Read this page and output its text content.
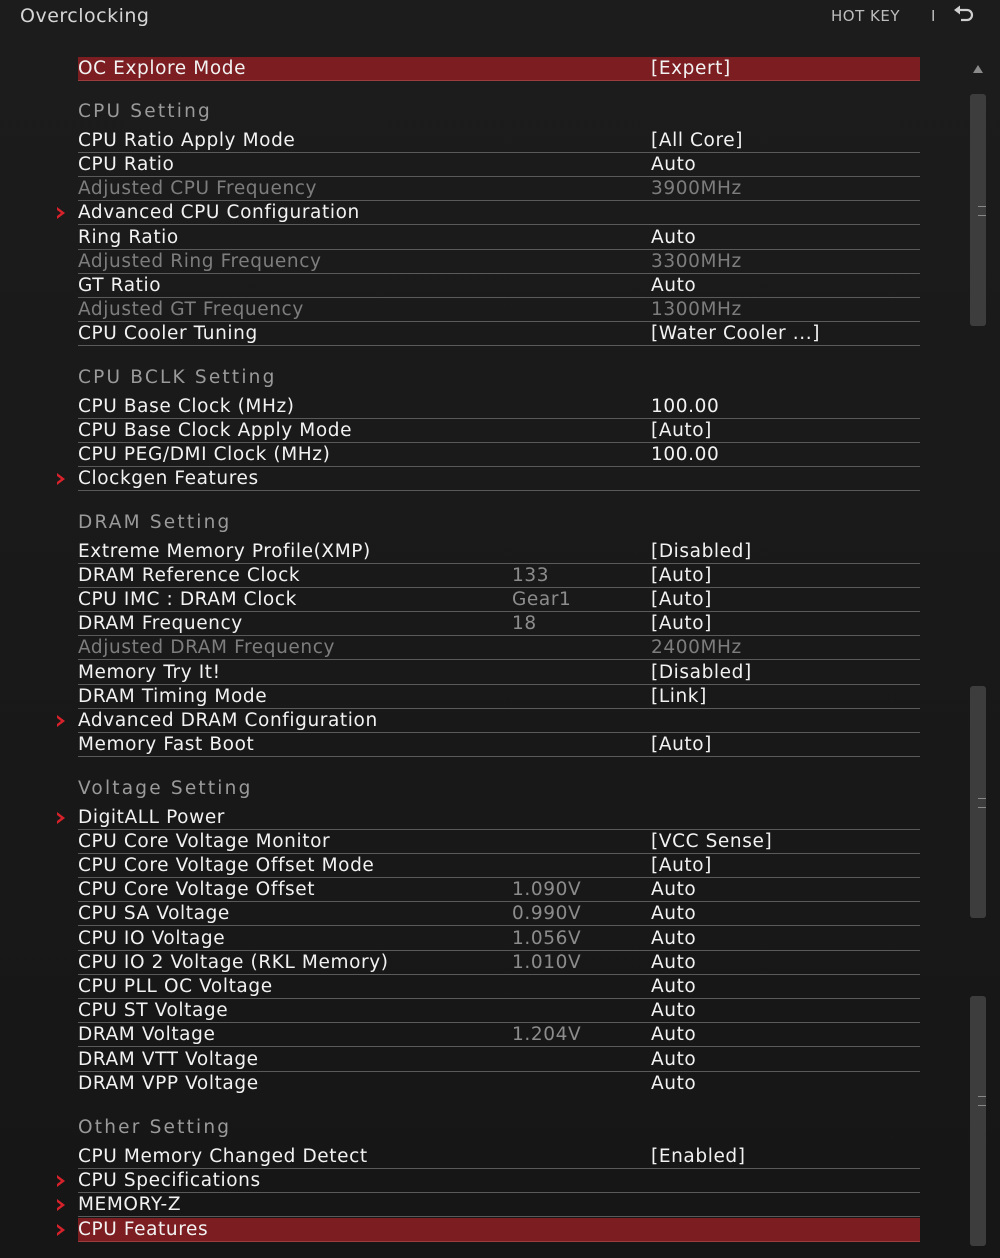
Overclocking	HOT KEY I
CPU Setting
CPU BCLK Setting
DRAM Setting
Voltage Setting
Other Setting
OC Explore Mode	[Expert]
CPU Ratio Apply Mode	[All Core]
CPU Ratio	Auto
Adjusted CPU Frequency	3900MHz
Advanced CPU Configuration
Ring Ratio	Auto
Adjusted Ring Frequency	3300MHz
GT Ratio	Auto
Adjusted GT Frequency	1300MHz
CPU Cooler Tuning	[Water Cooler ...]
CPU Base Clock (MHz)	100.00
CPU Base Clock Apply Mode	[Auto]
CPU PEG/DMI Clock (MHz)	100.00
Clockgen Features
Extreme Memory Profile(XMP)	[Disabled]
DRAM Reference Clock	133	[Auto]
CPU IMC : DRAM Clock	Gear1	[Auto]
DRAM Frequency	18	[Auto]
Adjusted DRAM Frequency	2400MHz
Memory Try It!	[Disabled]
DRAM Timing Mode	[Link]
Advanced DRAM Configuration
Memory Fast Boot	[Auto]
DigitALL Power
CPU Core Voltage Monitor	[VCC Sense]
CPU Core Voltage Offset Mode	[Auto]
CPU Core Voltage Offset	1.090V	Auto
CPU SA Voltage	0.990V	Auto
CPU IO Voltage	1.056V	Auto
CPU IO 2 Voltage (RKL Memory)	1.010V	Auto
CPU PLL OC Voltage	Auto
CPU ST Voltage	Auto
DRAM Voltage	1.204V	Auto
DRAM VTT Voltage	Auto
DRAM VPP Voltage	Auto
CPU Memory Changed Detect	[Enabled]
CPU Specifications
MEMORY-Z
CPU Features
